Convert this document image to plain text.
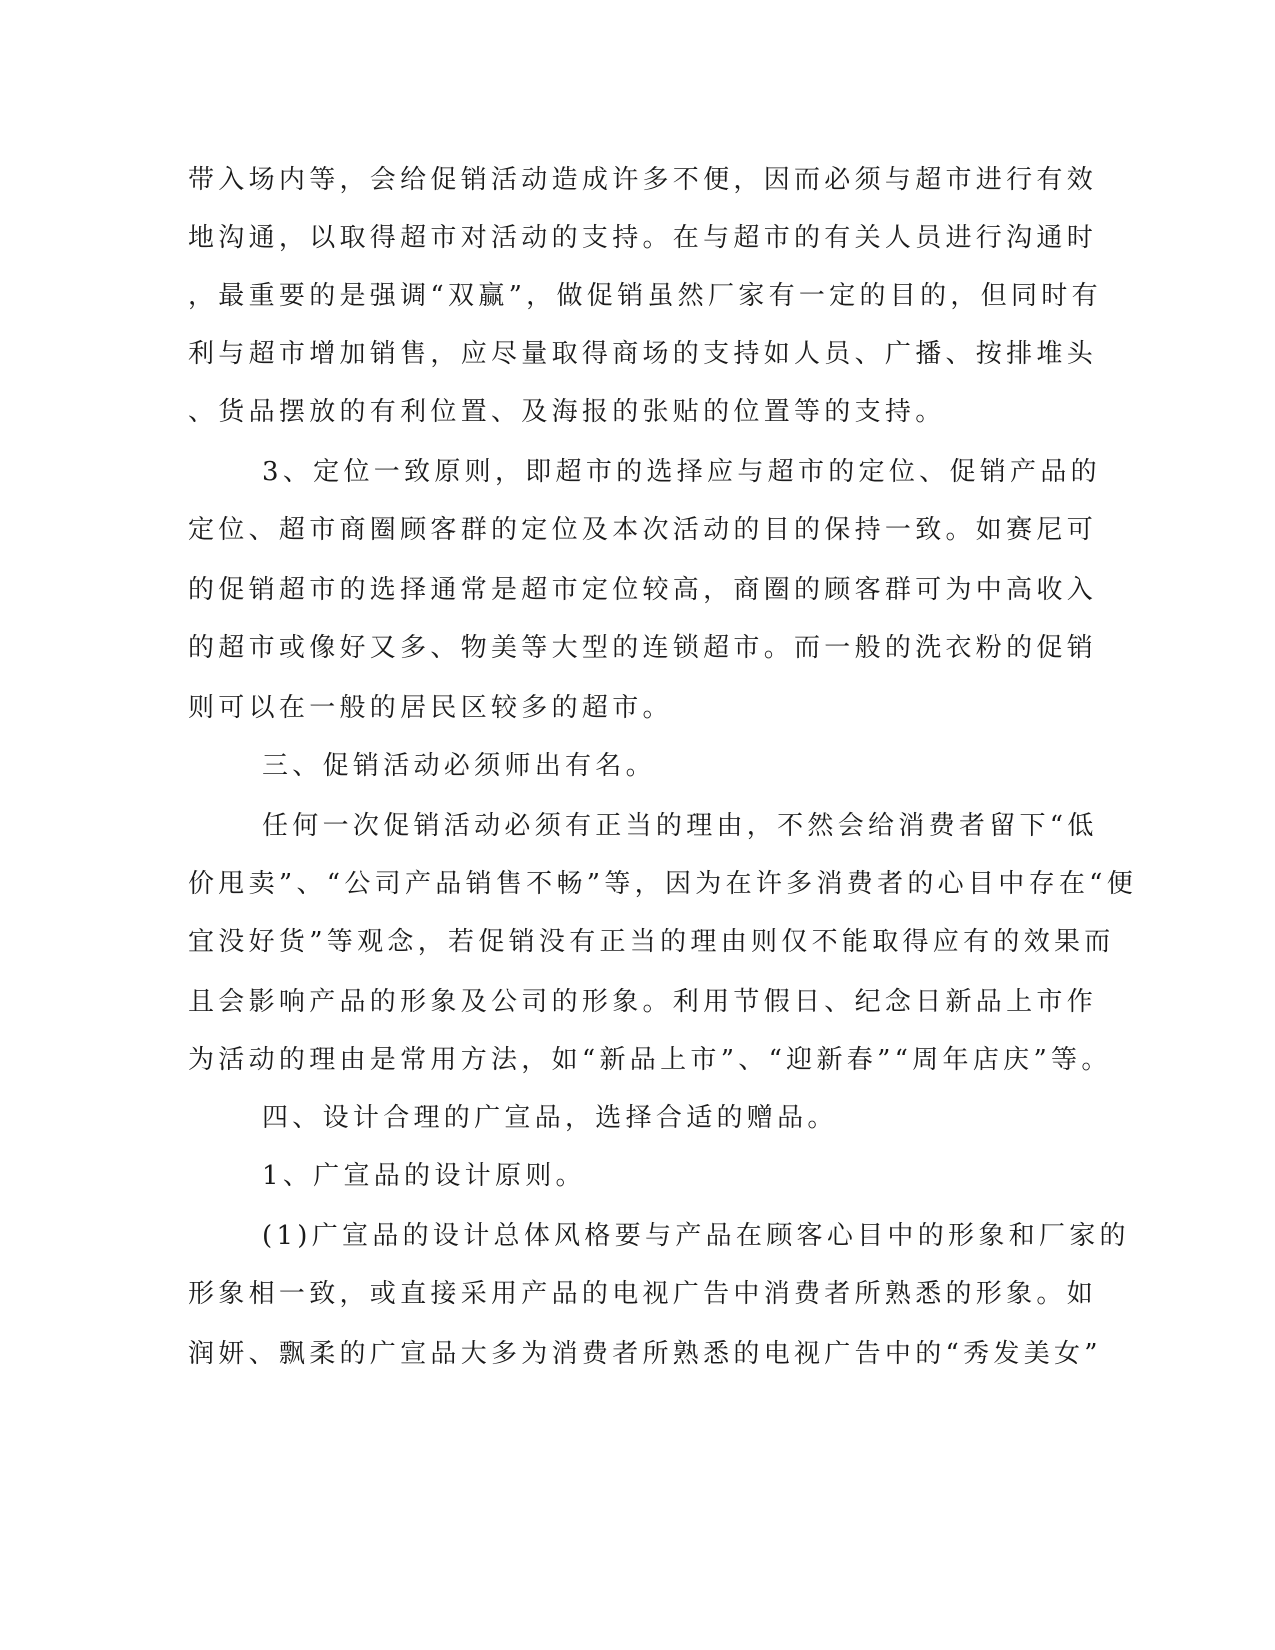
带入场内等，会给促销活动造成许多不便，因而必须与超市进行有效
地沟通，以取得超市对活动的支持。在与超市的有关人员进行沟通时
，最重要的是强调“双赢”，做促销虽然厂家有一定的目的，但同时有
利与超市增加销售，应尽量取得商场的支持如人员、广播、按排堆头
、货品摆放的有利位置、及海报的张贴的位置等的支持。
3、定位一致原则，即超市的选择应与超市的定位、促销产品的
定位、超市商圈顾客群的定位及本次活动的目的保持一致。如赛尼可
的促销超市的选择通常是超市定位较高，商圈的顾客群可为中高收入
的超市或像好又多、物美等大型的连锁超市。而一般的洗衣粉的促销
则可以在一般的居民区较多的超市。
三、促销活动必须师出有名。
任何一次促销活动必须有正当的理由，不然会给消费者留下“低
价甩卖”、“公司产品销售不畅”等，因为在许多消费者的心目中存在“便
宜没好货”等观念，若促销没有正当的理由则仅不能取得应有的效果而
且会影响产品的形象及公司的形象。利用节假日、纪念日新品上市作
为活动的理由是常用方法，如“新品上市”、“迎新春”“周年店庆”等。
四、设计合理的广宣品，选择合适的赠品。
1、广宣品的设计原则。
(1)广宣品的设计总体风格要与产品在顾客心目中的形象和厂家的
形象相一致，或直接采用产品的电视广告中消费者所熟悉的形象。如
润妍、飘柔的广宣品大多为消费者所熟悉的电视广告中的“秀发美女”
